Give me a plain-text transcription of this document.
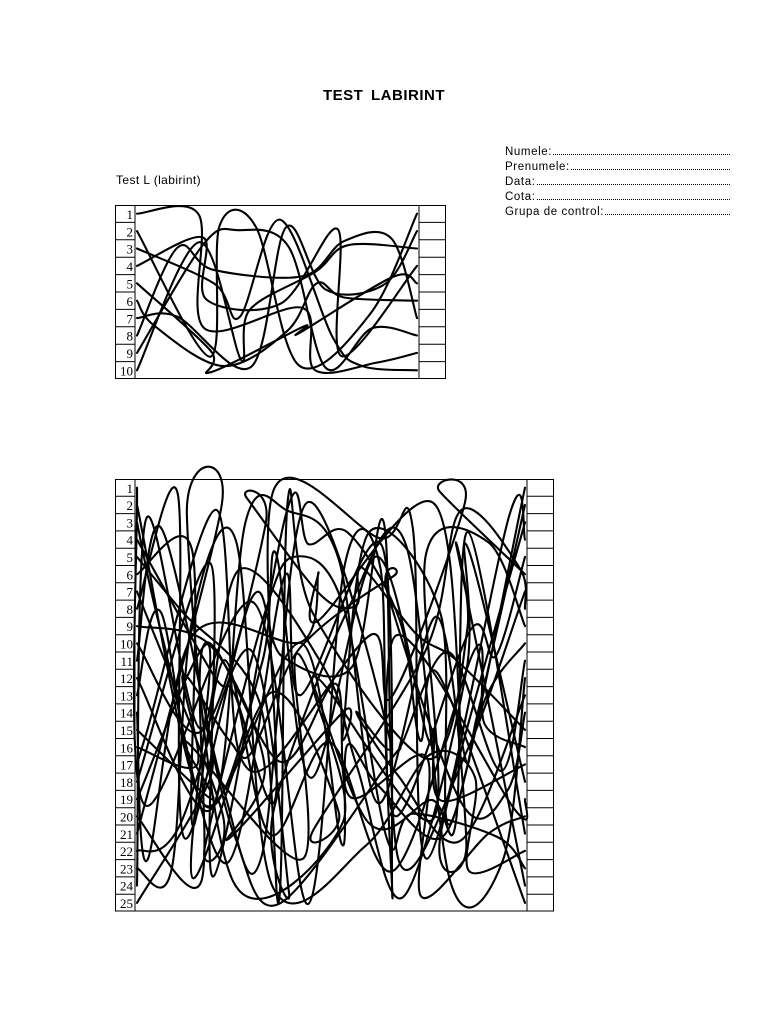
TEST LABIRINT
Numele:
Prenumele:
Data:
Cota:
Grupa de control:
Test L (labirint)
1
2
3
4
5
6
7
8
9
10
1
2
3
4
5
6
7
8
9
10
11
12
13
14
15
16
17
18
19
20
21
22
23
24
25
